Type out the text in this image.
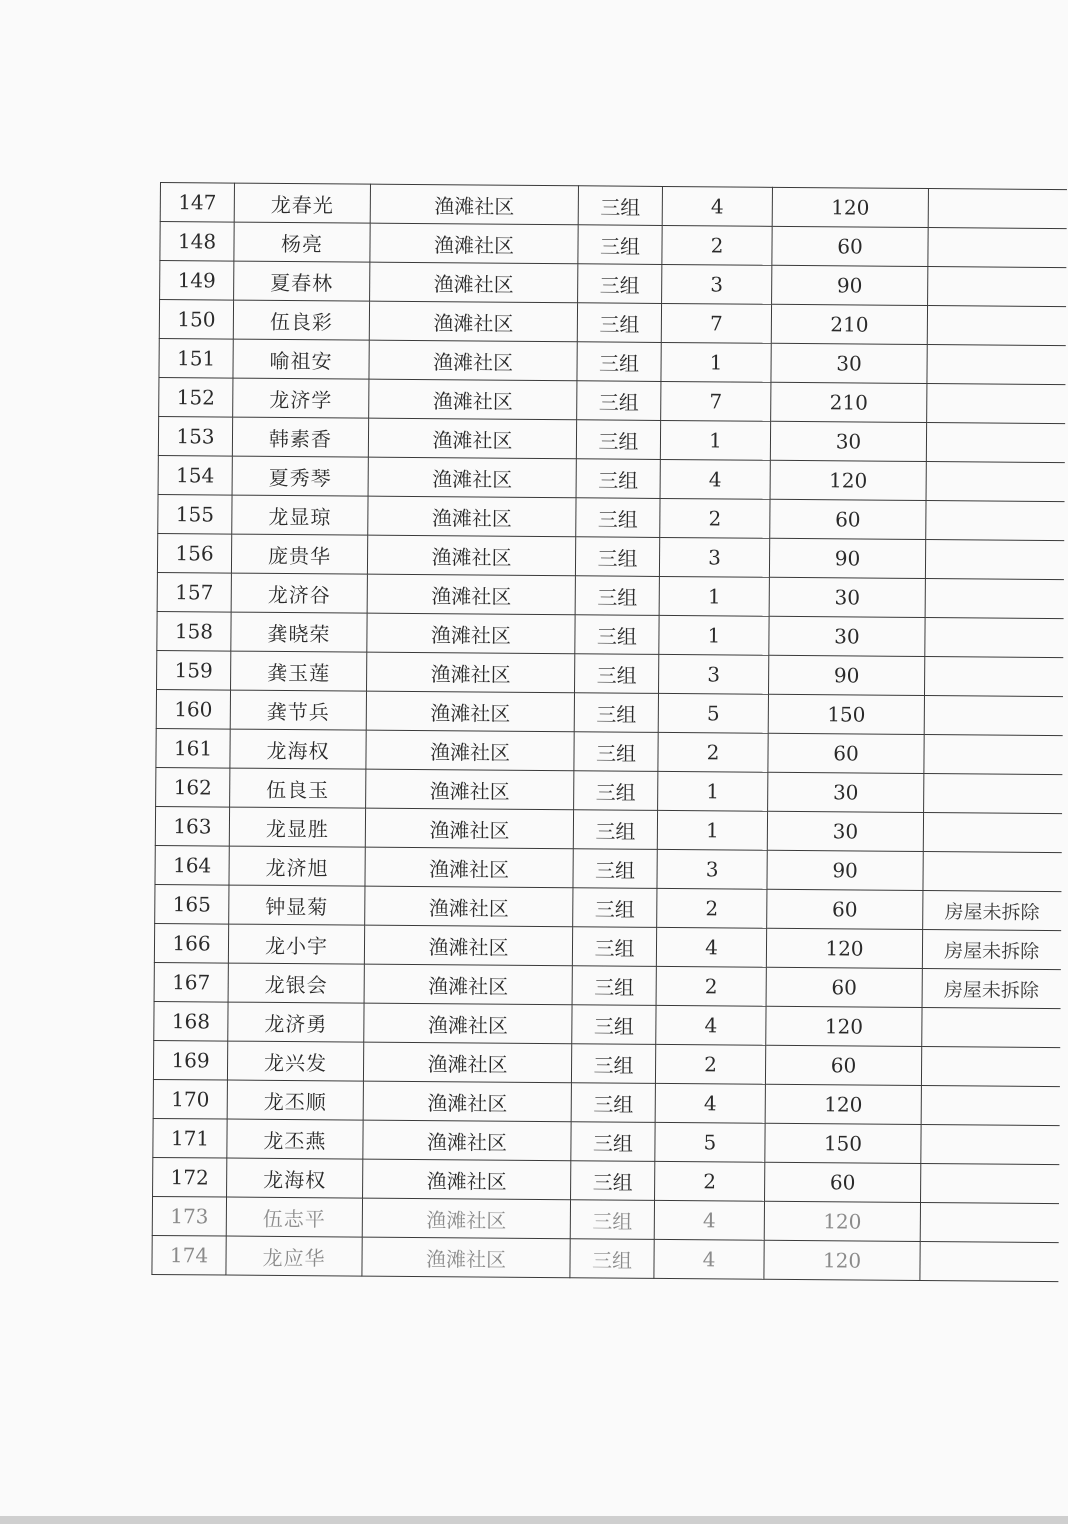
147	龙春光	渔滩社区	三组	4	120	
148	杨亮	渔滩社区	三组	2	60	
149	夏春林	渔滩社区	三组	3	90	
150	伍良彩	渔滩社区	三组	7	210	
151	喻祖安	渔滩社区	三组	1	30	
152	龙济学	渔滩社区	三组	7	210	
153	韩素香	渔滩社区	三组	1	30	
154	夏秀琴	渔滩社区	三组	4	120	
155	龙显琼	渔滩社区	三组	2	60	
156	庞贵华	渔滩社区	三组	3	90	
157	龙济谷	渔滩社区	三组	1	30	
158	龚晓荣	渔滩社区	三组	1	30	
159	龚玉莲	渔滩社区	三组	3	90	
160	龚节兵	渔滩社区	三组	5	150	
161	龙海权	渔滩社区	三组	2	60	
162	伍良玉	渔滩社区	三组	1	30	
163	龙显胜	渔滩社区	三组	1	30	
164	龙济旭	渔滩社区	三组	3	90	
165	钟显菊	渔滩社区	三组	2	60	房屋未拆除
166	龙小宇	渔滩社区	三组	4	120	房屋未拆除
167	龙银会	渔滩社区	三组	2	60	房屋未拆除
168	龙济勇	渔滩社区	三组	4	120	
169	龙兴发	渔滩社区	三组	2	60	
170	龙丕顺	渔滩社区	三组	4	120	
171	龙丕燕	渔滩社区	三组	5	150	
172	龙海权	渔滩社区	三组	2	60	
173	伍志平	渔滩社区	三组	4	120	
174	龙应华	渔滩社区	三组	4	120	
